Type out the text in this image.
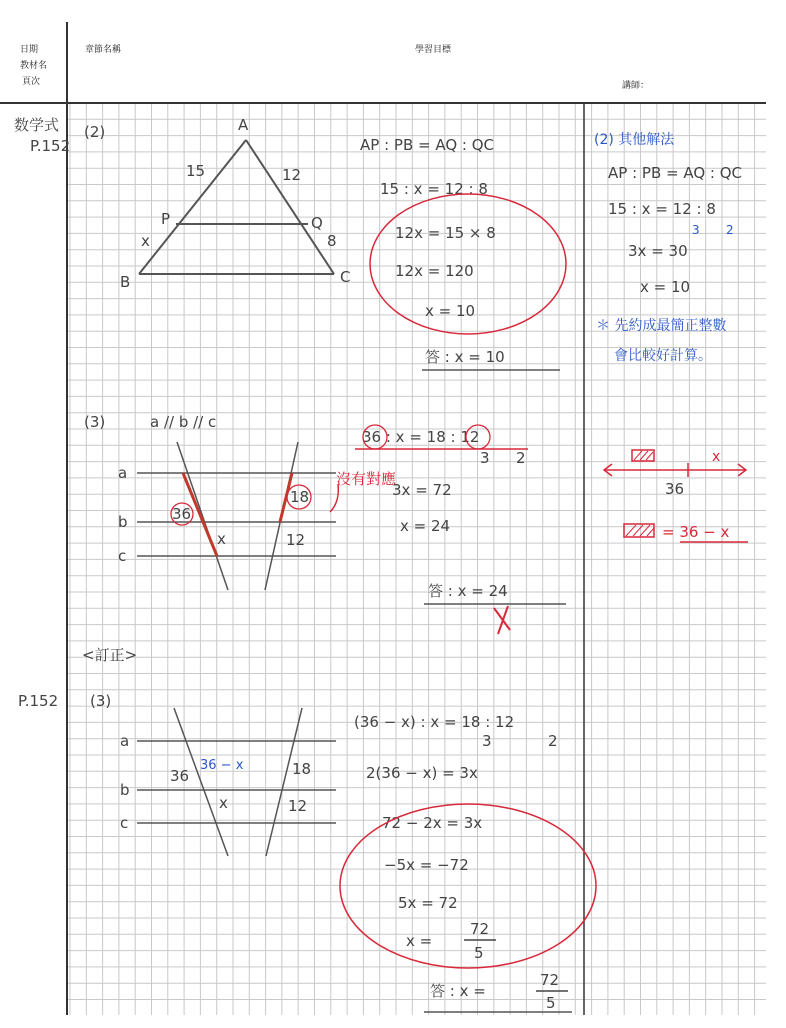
日期
教材名
頁次
章節名稱	學習目標
講師：
数学式
P.152
P.152
(2)	A
B	C
P	Q
15	12
x	8
AP : PB = AQ : QC
15 : x = 12 : 8
12x = 15 × 8
12x = 120
x = 10
答 : x = 10
(2) 其他解法
AP : PB = AQ : QC
15 : x = 12 : 8
3 2
3x = 30
x = 10
＊ 先約成最簡正整數
會比較好計算。
(3)	a // b // c
a
b
c
36
18
x	12
沒有對應
36 : x = 18 : 12
3 2
3x = 72
x = 24
答 : x = 24
x
36
= 36 − x
<訂正>
(3)
a
b
c
36
36 − x	18
x	12
(36 − x) : x = 18 : 12
3	2
2(36 − x) = 3x
72 − 2x = 3x
−5x = −72
5x = 72
x =
72
5
答 : x =
72
5
